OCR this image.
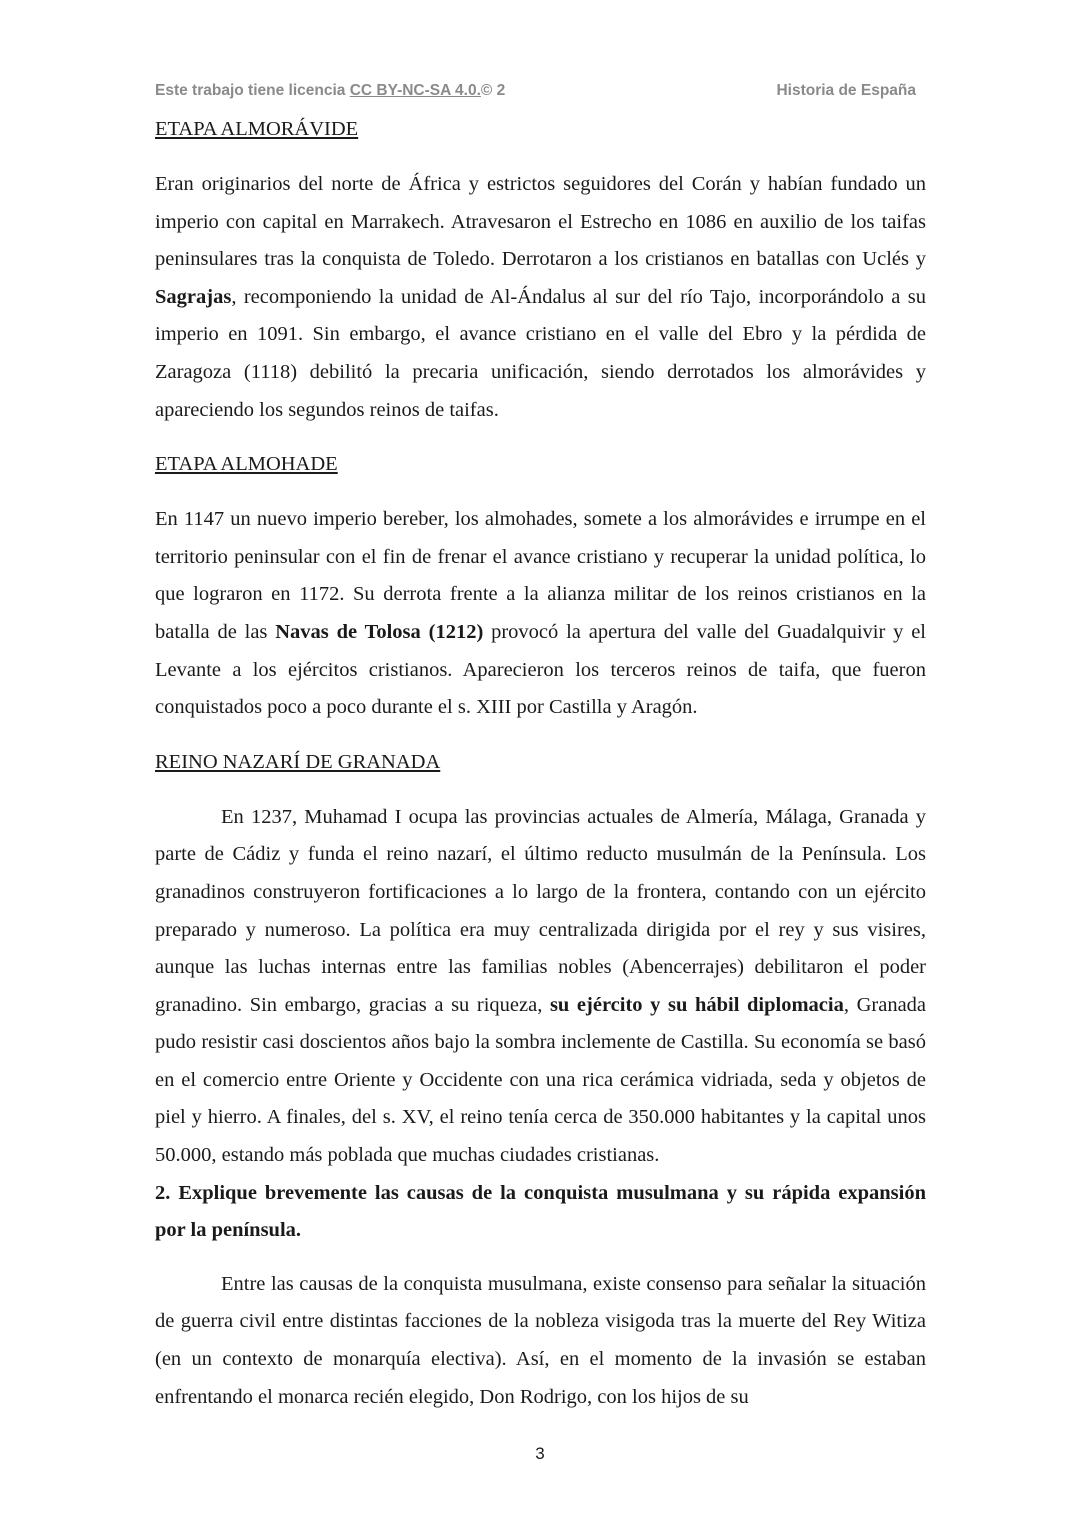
Este trabajo tiene licencia CC BY-NC-SA 4.0.© 2	Historia de España
ETAPA ALMORÁVIDE

Eran originarios del norte de África y estrictos seguidores del Corán y habían fundado un imperio con capital en Marrakech. Atravesaron el Estrecho en 1086 en auxilio de los taifas peninsulares tras la conquista de Toledo. Derrotaron a los cristianos en batallas con Uclés y Sagrajas, recomponiendo la unidad de Al-Ándalus al sur del río Tajo, incorporándolo a su imperio en 1091. Sin embargo, el avance cristiano en el valle del Ebro y la pérdida de Zaragoza (1118) debilitó la precaria unificación, siendo derrotados los almorávides y apareciendo los segundos reinos de taifas.

ETAPA ALMOHADE

En 1147 un nuevo imperio bereber, los almohades, somete a los almorávides e irrumpe en el territorio peninsular con el fin de frenar el avance cristiano y recuperar la unidad política, lo que lograron en 1172. Su derrota frente a la alianza militar de los reinos cristianos en la batalla de las Navas de Tolosa (1212) provocó la apertura del valle del Guadalquivir y el Levante a los ejércitos cristianos. Aparecieron los terceros reinos de taifa, que fueron conquistados poco a poco durante el s. XIII por Castilla y Aragón.

REINO NAZARÍ DE GRANADA

En 1237, Muhamad I ocupa las provincias actuales de Almería, Málaga, Granada y parte de Cádiz y funda el reino nazarí, el último reducto musulmán de la Península. Los granadinos construyeron fortificaciones a lo largo de la frontera, contando con un ejército preparado y numeroso. La política era muy centralizada dirigida por el rey y sus visires, aunque las luchas internas entre las familias nobles (Abencerrajes) debilitaron el poder granadino. Sin embargo, gracias a su riqueza, su ejército y su hábil diplomacia, Granada pudo resistir casi doscientos años bajo la sombra inclemente de Castilla. Su economía se basó en el comercio entre Oriente y Occidente con una rica cerámica vidriada, seda y objetos de piel y hierro. A finales, del s. XV, el reino tenía cerca de 350.000 habitantes y la capital unos 50.000, estando más poblada que muchas ciudades cristianas.

2. Explique brevemente las causas de la conquista musulmana y su rápida expansión por la península.

Entre las causas de la conquista musulmana, existe consenso para señalar la situación de guerra civil entre distintas facciones de la nobleza visigoda tras la muerte del Rey Witiza (en un contexto de monarquía electiva). Así, en el momento de la invasión se estaban enfrentando el monarca recién elegido, Don Rodrigo, con los hijos de su

3
